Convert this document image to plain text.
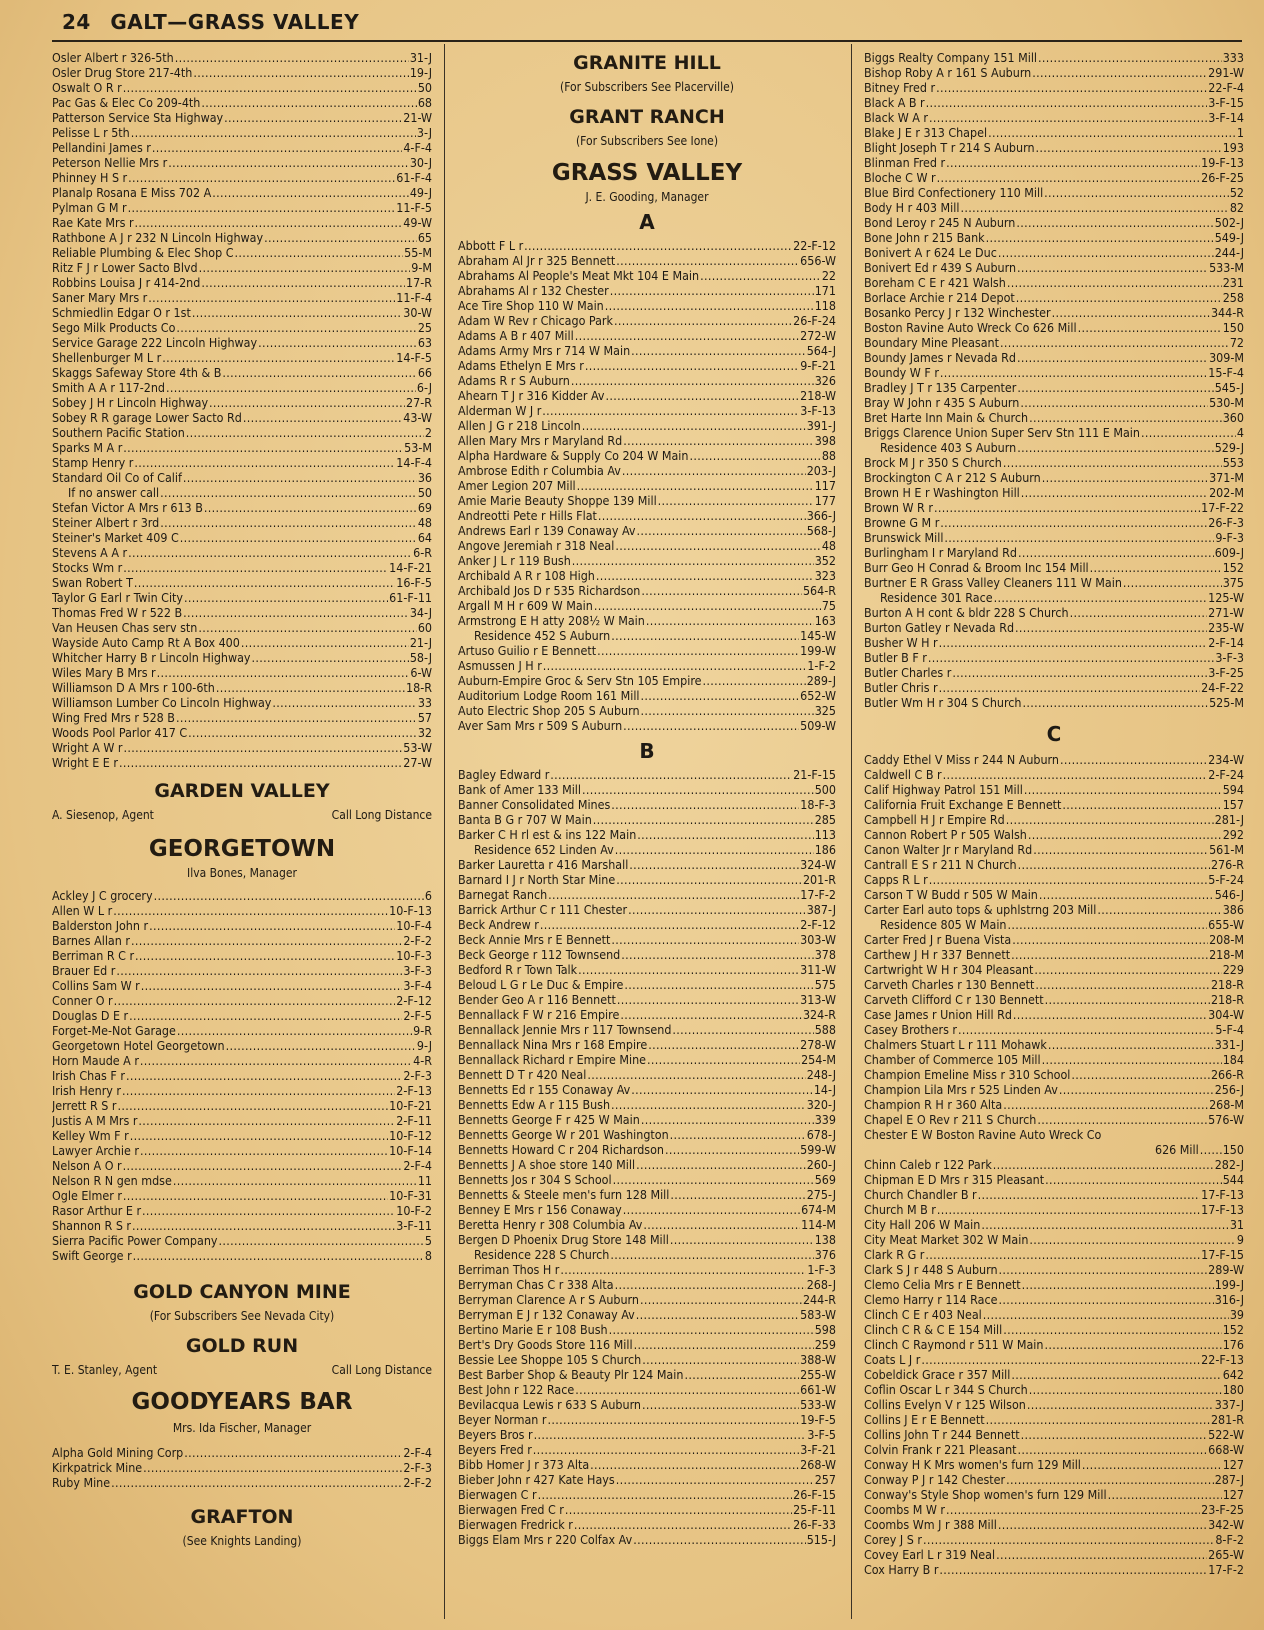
24 GALT—GRASS VALLEY
Osler Albert r 326-5th . . .	31-J
Osler Drug Store 217-4th . . .	19-J
Oswalt O R r . . .	50
Pac Gas & Elec Co 209-4th . . .	68
Patterson Service Sta Highway . . .	21-W
Pelisse L r 5th . . .	3-J
Pellandini James r . . .	4-F-4
Peterson Nellie Mrs r . . .	30-J
Phinney H S r . . .	61-F-4
Planalp Rosana E Miss 702 A . . .	49-J
Pylman G M r . . .	11-F-5
Rae Kate Mrs r . . .	49-W
Rathbone A J r 232 N Lincoln Highway . . .	65
Reliable Plumbing & Elec Shop C . . .	55-M
Ritz F J r Lower Sacto Blvd . . .	9-M
Robbins Louisa J r 414-2nd . . .	17-R
Saner Mary Mrs r . . .	11-F-4
Schmiedlin Edgar O r 1st . . .	30-W
Sego Milk Products Co . . .	25
Service Garage 222 Lincoln Highway . . .	63
Shellenburger M L r . . .	14-F-5
Skaggs Safeway Store 4th & B . . .	66
Smith A A r 117-2nd . . .	6-J
Sobey J H r Lincoln Highway . . .	27-R
Sobey R R garage Lower Sacto Rd . . .	43-W
Southern Pacific Station . . .	2
Sparks M A r . . .	53-M
Stamp Henry r . . .	14-F-4
Standard Oil Co of Calif . . .	36
If no answer call . . .	50
Stefan Victor A Mrs r 613 B . . .	69
Steiner Albert r 3rd . . .	48
Steiner's Market 409 C . . .	64
Stevens A A r . . .	6-R
Stocks Wm r . . .	14-F-21
Swan Robert T . . .	16-F-5
Taylor G Earl r Twin City . . .	61-F-11
Thomas Fred W r 522 B . . .	34-J
Van Heusen Chas serv stn . . .	60
Wayside Auto Camp Rt A Box 400 . . .	21-J
Whitcher Harry B r Lincoln Highway . . .	58-J
Wiles Mary B Mrs r . . .	6-W
Williamson D A Mrs r 100-6th . . .	18-R
Williamson Lumber Co Lincoln Highway . . .	33
Wing Fred Mrs r 528 B . . .	57
Woods Pool Parlor 417 C . . .	32
Wright A W r . . .	53-W
Wright E E r . . .	27-W
GARDEN VALLEY
A. Siesenop, Agent	Call Long Distance
GEORGETOWN
Ilva Bones, Manager
Ackley J C grocery . . .	6
Allen W L r . . .	10-F-13
Balderston John r . . .	10-F-4
Barnes Allan r . . .	2-F-2
Berriman R C r . . .	10-F-3
Brauer Ed r . . .	3-F-3
Collins Sam W r . . .	3-F-4
Conner O r . . .	2-F-12
Douglas D E r . . .	2-F-5
Forget-Me-Not Garage . . .	9-R
Georgetown Hotel Georgetown . . .	9-J
Horn Maude A r . . .	4-R
Irish Chas F r . . .	2-F-3
Irish Henry r . . .	2-F-13
Jerrett R S r . . .	10-F-21
Justis A M Mrs r . . .	2-F-11
Kelley Wm F r . . .	10-F-12
Lawyer Archie r . . .	10-F-14
Nelson A O r . . .	2-F-4
Nelson R N gen mdse . . .	11
Ogle Elmer r . . .	10-F-31
Rasor Arthur E r . . .	10-F-2
Shannon R S r . . .	3-F-11
Sierra Pacific Power Company . . .	5
Swift George r . . .	8
GOLD CANYON MINE
(For Subscribers See Nevada City)
GOLD RUN
T. E. Stanley, Agent	Call Long Distance
GOODYEARS BAR
Mrs. Ida Fischer, Manager
Alpha Gold Mining Corp . . .	2-F-4
Kirkpatrick Mine . . .	2-F-3
Ruby Mine . . .	2-F-2
GRAFTON
(See Knights Landing)
GRANITE HILL
(For Subscribers See Placerville)
GRANT RANCH
(For Subscribers See Ione)
GRASS VALLEY
J. E. Gooding, Manager
A
Abbott F L r . . .	22-F-12
Abraham Al Jr r 325 Bennett . . .	656-W
Abrahams Al People's Meat Mkt 104 E Main . . .	22
Abrahams Al r 132 Chester . . .	171
Ace Tire Shop 110 W Main . . .	118
Adam W Rev r Chicago Park . . .	26-F-24
Adams A B r 407 Mill . . .	272-W
Adams Army Mrs r 714 W Main . . .	564-J
Adams Ethelyn E Mrs r . . .	9-F-21
Adams R r S Auburn . . .	326
Ahearn T J r 316 Kidder Av . . .	218-W
Alderman W J r . . .	3-F-13
Allen J G r 218 Lincoln . . .	391-J
Allen Mary Mrs r Maryland Rd . . .	398
Alpha Hardware & Supply Co 204 W Main . . .	88
Ambrose Edith r Columbia Av . . .	203-J
Amer Legion 207 Mill . . .	117
Amie Marie Beauty Shoppe 139 Mill . . .	177
Andreotti Pete r Hills Flat . . .	366-J
Andrews Earl r 139 Conaway Av . . .	568-J
Angove Jeremiah r 318 Neal . . .	48
Anker J L r 119 Bush . . .	352
Archibald A R r 108 High . . .	323
Archibald Jos D r 535 Richardson . . .	564-R
Argall M H r 609 W Main . . .	75
Armstrong E H atty 208½ W Main . . .	163
Residence 452 S Auburn . . .	145-W
Artuso Guilio r E Bennett . . .	199-W
Asmussen J H r . . .	1-F-2
Auburn-Empire Groc & Serv Stn 105 Empire . . .	289-J
Auditorium Lodge Room 161 Mill . . .	652-W
Auto Electric Shop 205 S Auburn . . .	325
Aver Sam Mrs r 509 S Auburn . . .	509-W
B
Bagley Edward r . . .	21-F-15
Bank of Amer 133 Mill . . .	500
Banner Consolidated Mines . . .	18-F-3
Banta B G r 707 W Main . . .	285
Barker C H rl est & ins 122 Main . . .	113
Residence 652 Linden Av . . .	186
Barker Lauretta r 416 Marshall . . .	324-W
Barnard I J r North Star Mine . . .	201-R
Barnegat Ranch . . .	17-F-2
Barrick Arthur C r 111 Chester . . .	387-J
Beck Andrew r . . .	2-F-12
Beck Annie Mrs r E Bennett . . .	303-W
Beck George r 112 Townsend . . .	378
Bedford R r Town Talk . . .	311-W
Beloud L G r Le Duc & Empire . . .	575
Bender Geo A r 116 Bennett . . .	313-W
Bennallack F W r 216 Empire . . .	324-R
Bennallack Jennie Mrs r 117 Townsend . . .	588
Bennallack Nina Mrs r 168 Empire . . .	278-W
Bennallack Richard r Empire Mine . . .	254-M
Bennett D T r 420 Neal . . .	248-J
Bennetts Ed r 155 Conaway Av . . .	14-J
Bennetts Edw A r 115 Bush . . .	320-J
Bennetts George F r 425 W Main . . .	339
Bennetts George W r 201 Washington . . .	678-J
Bennetts Howard C r 204 Richardson . . .	599-W
Bennetts J A shoe store 140 Mill . . .	260-J
Bennetts Jos r 304 S School . . .	569
Bennetts & Steele men's furn 128 Mill . . .	275-J
Benney E Mrs r 156 Conaway . . .	674-M
Beretta Henry r 308 Columbia Av . . .	114-M
Bergen D Phoenix Drug Store 148 Mill . . .	138
Residence 228 S Church . . .	376
Berriman Thos H r . . .	1-F-3
Berryman Chas C r 338 Alta . . .	268-J
Berryman Clarence A r S Auburn . . .	244-R
Berryman E J r 132 Conaway Av . . .	583-W
Bertino Marie E r 108 Bush . . .	598
Bert's Dry Goods Store 116 Mill . . .	259
Bessie Lee Shoppe 105 S Church . . .	388-W
Best Barber Shop & Beauty Plr 124 Main . . .	255-W
Best John r 122 Race . . .	661-W
Bevilacqua Lewis r 633 S Auburn . . .	533-W
Beyer Norman r . . .	19-F-5
Beyers Bros r . . .	3-F-5
Beyers Fred r . . .	3-F-21
Bibb Homer J r 373 Alta . . .	268-W
Bieber John r 427 Kate Hays . . .	257
Bierwagen C r . . .	26-F-15
Bierwagen Fred C r . . .	25-F-11
Bierwagen Fredrick r . . .	26-F-33
Biggs Elam Mrs r 220 Colfax Av . . .	515-J
Biggs Realty Company 151 Mill . . .	333
Bishop Roby A r 161 S Auburn . . .	291-W
Bitney Fred r . . .	22-F-4
Black A B r . . .	3-F-15
Black W A r . . .	3-F-14
Blake J E r 313 Chapel . . .	1
Blight Joseph T r 214 S Auburn . . .	193
Blinman Fred r . . .	19-F-13
Bloche C W r . . .	26-F-25
Blue Bird Confectionery 110 Mill . . .	52
Body H r 403 Mill . . .	82
Bond Leroy r 245 N Auburn . . .	502-J
Bone John r 215 Bank . . .	549-J
Bonivert A r 624 Le Duc . . .	244-J
Bonivert Ed r 439 S Auburn . . .	533-M
Boreham C E r 421 Walsh . . .	231
Borlace Archie r 214 Depot . . .	258
Bosanko Percy J r 132 Winchester . . .	344-R
Boston Ravine Auto Wreck Co 626 Mill . . .	150
Boundary Mine Pleasant . . .	72
Boundy James r Nevada Rd . . .	309-M
Boundy W F r . . .	15-F-4
Bradley J T r 135 Carpenter . . .	545-J
Bray W John r 435 S Auburn . . .	530-M
Bret Harte Inn Main & Church . . .	360
Briggs Clarence Union Super Serv Stn 111 E Main . . .	4
Residence 403 S Auburn . . .	529-J
Brock M J r 350 S Church . . .	553
Brockington C A r 212 S Auburn . . .	371-M
Brown H E r Washington Hill . . .	202-M
Brown W R r . . .	17-F-22
Browne G M r . . .	26-F-3
Brunswick Mill . . .	9-F-3
Burlingham I r Maryland Rd . . .	609-J
Burr Geo H Conrad & Broom Inc 154 Mill . . .	152
Burtner E R Grass Valley Cleaners 111 W Main . . .	375
Residence 301 Race . . .	125-W
Burton A H cont & bldr 228 S Church . . .	271-W
Burton Gatley r Nevada Rd . . .	235-W
Busher W H r . . .	2-F-14
Butler B F r . . .	3-F-3
Butler Charles r . . .	3-F-25
Butler Chris r . . .	24-F-22
Butler Wm H r 304 S Church . . .	525-M
C
Caddy Ethel V Miss r 244 N Auburn . . .	234-W
Caldwell C B r . . .	2-F-24
Calif Highway Patrol 151 Mill . . .	594
California Fruit Exchange E Bennett . . .	157
Campbell H J r Empire Rd . . .	281-J
Cannon Robert P r 505 Walsh . . .	292
Canon Walter Jr r Maryland Rd . . .	561-M
Cantrall E S r 211 N Church . . .	276-R
Capps R L r . . .	5-F-24
Carson T W Budd r 505 W Main . . .	546-J
Carter Earl auto tops & uphlstrng 203 Mill . . .	386
Residence 805 W Main . . .	655-W
Carter Fred J r Buena Vista . . .	208-M
Carthew J H r 337 Bennett . . .	218-M
Cartwright W H r 304 Pleasant . . .	229
Carveth Charles r 130 Bennett . . .	218-R
Carveth Clifford C r 130 Bennett . . .	218-R
Case James r Union Hill Rd . . .	304-W
Casey Brothers r . . .	5-F-4
Chalmers Stuart L r 111 Mohawk . . .	331-J
Chamber of Commerce 105 Mill . . .	184
Champion Emeline Miss r 310 School . . .	266-R
Champion Lila Mrs r 525 Linden Av . . .	256-J
Champion R H r 360 Alta . . .	268-M
Chapel E O Rev r 211 S Church . . .	576-W
Chester E W Boston Ravine Auto Wreck Co
626 Mill . . . 150
Chinn Caleb r 122 Park . . .	282-J
Chipman E D Mrs r 315 Pleasant . . .	544
Church Chandler B r . . .	17-F-13
Church M B r . . .	17-F-13
City Hall 206 W Main . . .	31
City Meat Market 302 W Main . . .	9
Clark R G r . . .	17-F-15
Clark S J r 448 S Auburn . . .	289-W
Clemo Celia Mrs r E Bennett . . .	199-J
Clemo Harry r 114 Race . . .	316-J
Clinch C E r 403 Neal . . .	39
Clinch C R & C E 154 Mill . . .	152
Clinch C Raymond r 511 W Main . . .	176
Coats L J r . . .	22-F-13
Cobeldick Grace r 357 Mill . . .	642
Coflin Oscar L r 344 S Church . . .	180
Collins Evelyn V r 125 Wilson . . .	337-J
Collins J E r E Bennett . . .	281-R
Collins John T r 244 Bennett . . .	522-W
Colvin Frank r 221 Pleasant . . .	668-W
Conway H K Mrs women's furn 129 Mill . . .	127
Conway P J r 142 Chester . . .	287-J
Conway's Style Shop women's furn 129 Mill . . .	127
Coombs M W r . . .	23-F-25
Coombs Wm J r 388 Mill . . .	342-W
Corey J S r . . .	8-F-2
Covey Earl L r 319 Neal . . .	265-W
Cox Harry B r . . .	17-F-2
